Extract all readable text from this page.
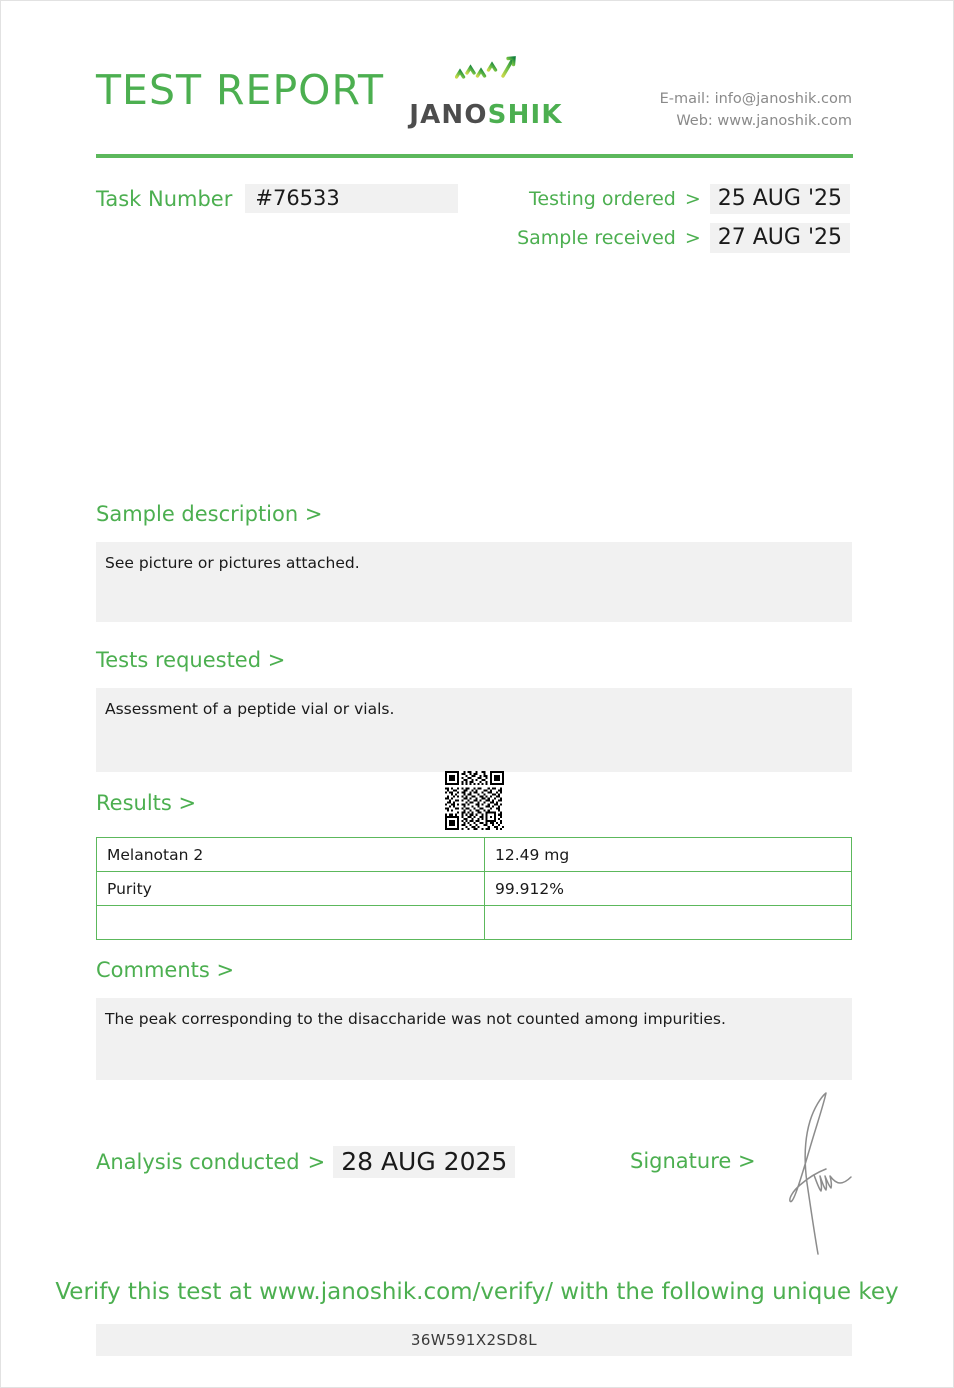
TEST REPORT
JANOSHIK
E-mail: info@janoshik.com
Web: www.janoshik.com
Task Number	#76533	Testing ordered > 25 AUG '25
Sample received > 27 AUG '25
Sample description >
See picture or pictures attached.
Tests requested >
Assessment of a peptide vial or vials.
Results >
Melanotan 2	12.49 mg
Purity	99.912%

Comments >
The peak corresponding to the disaccharide was not counted among impurities.
Analysis conducted > 28 AUG 2025	Signature >
Verify this test at www.janoshik.com/verify/ with the following unique key
36W591X2SD8L
